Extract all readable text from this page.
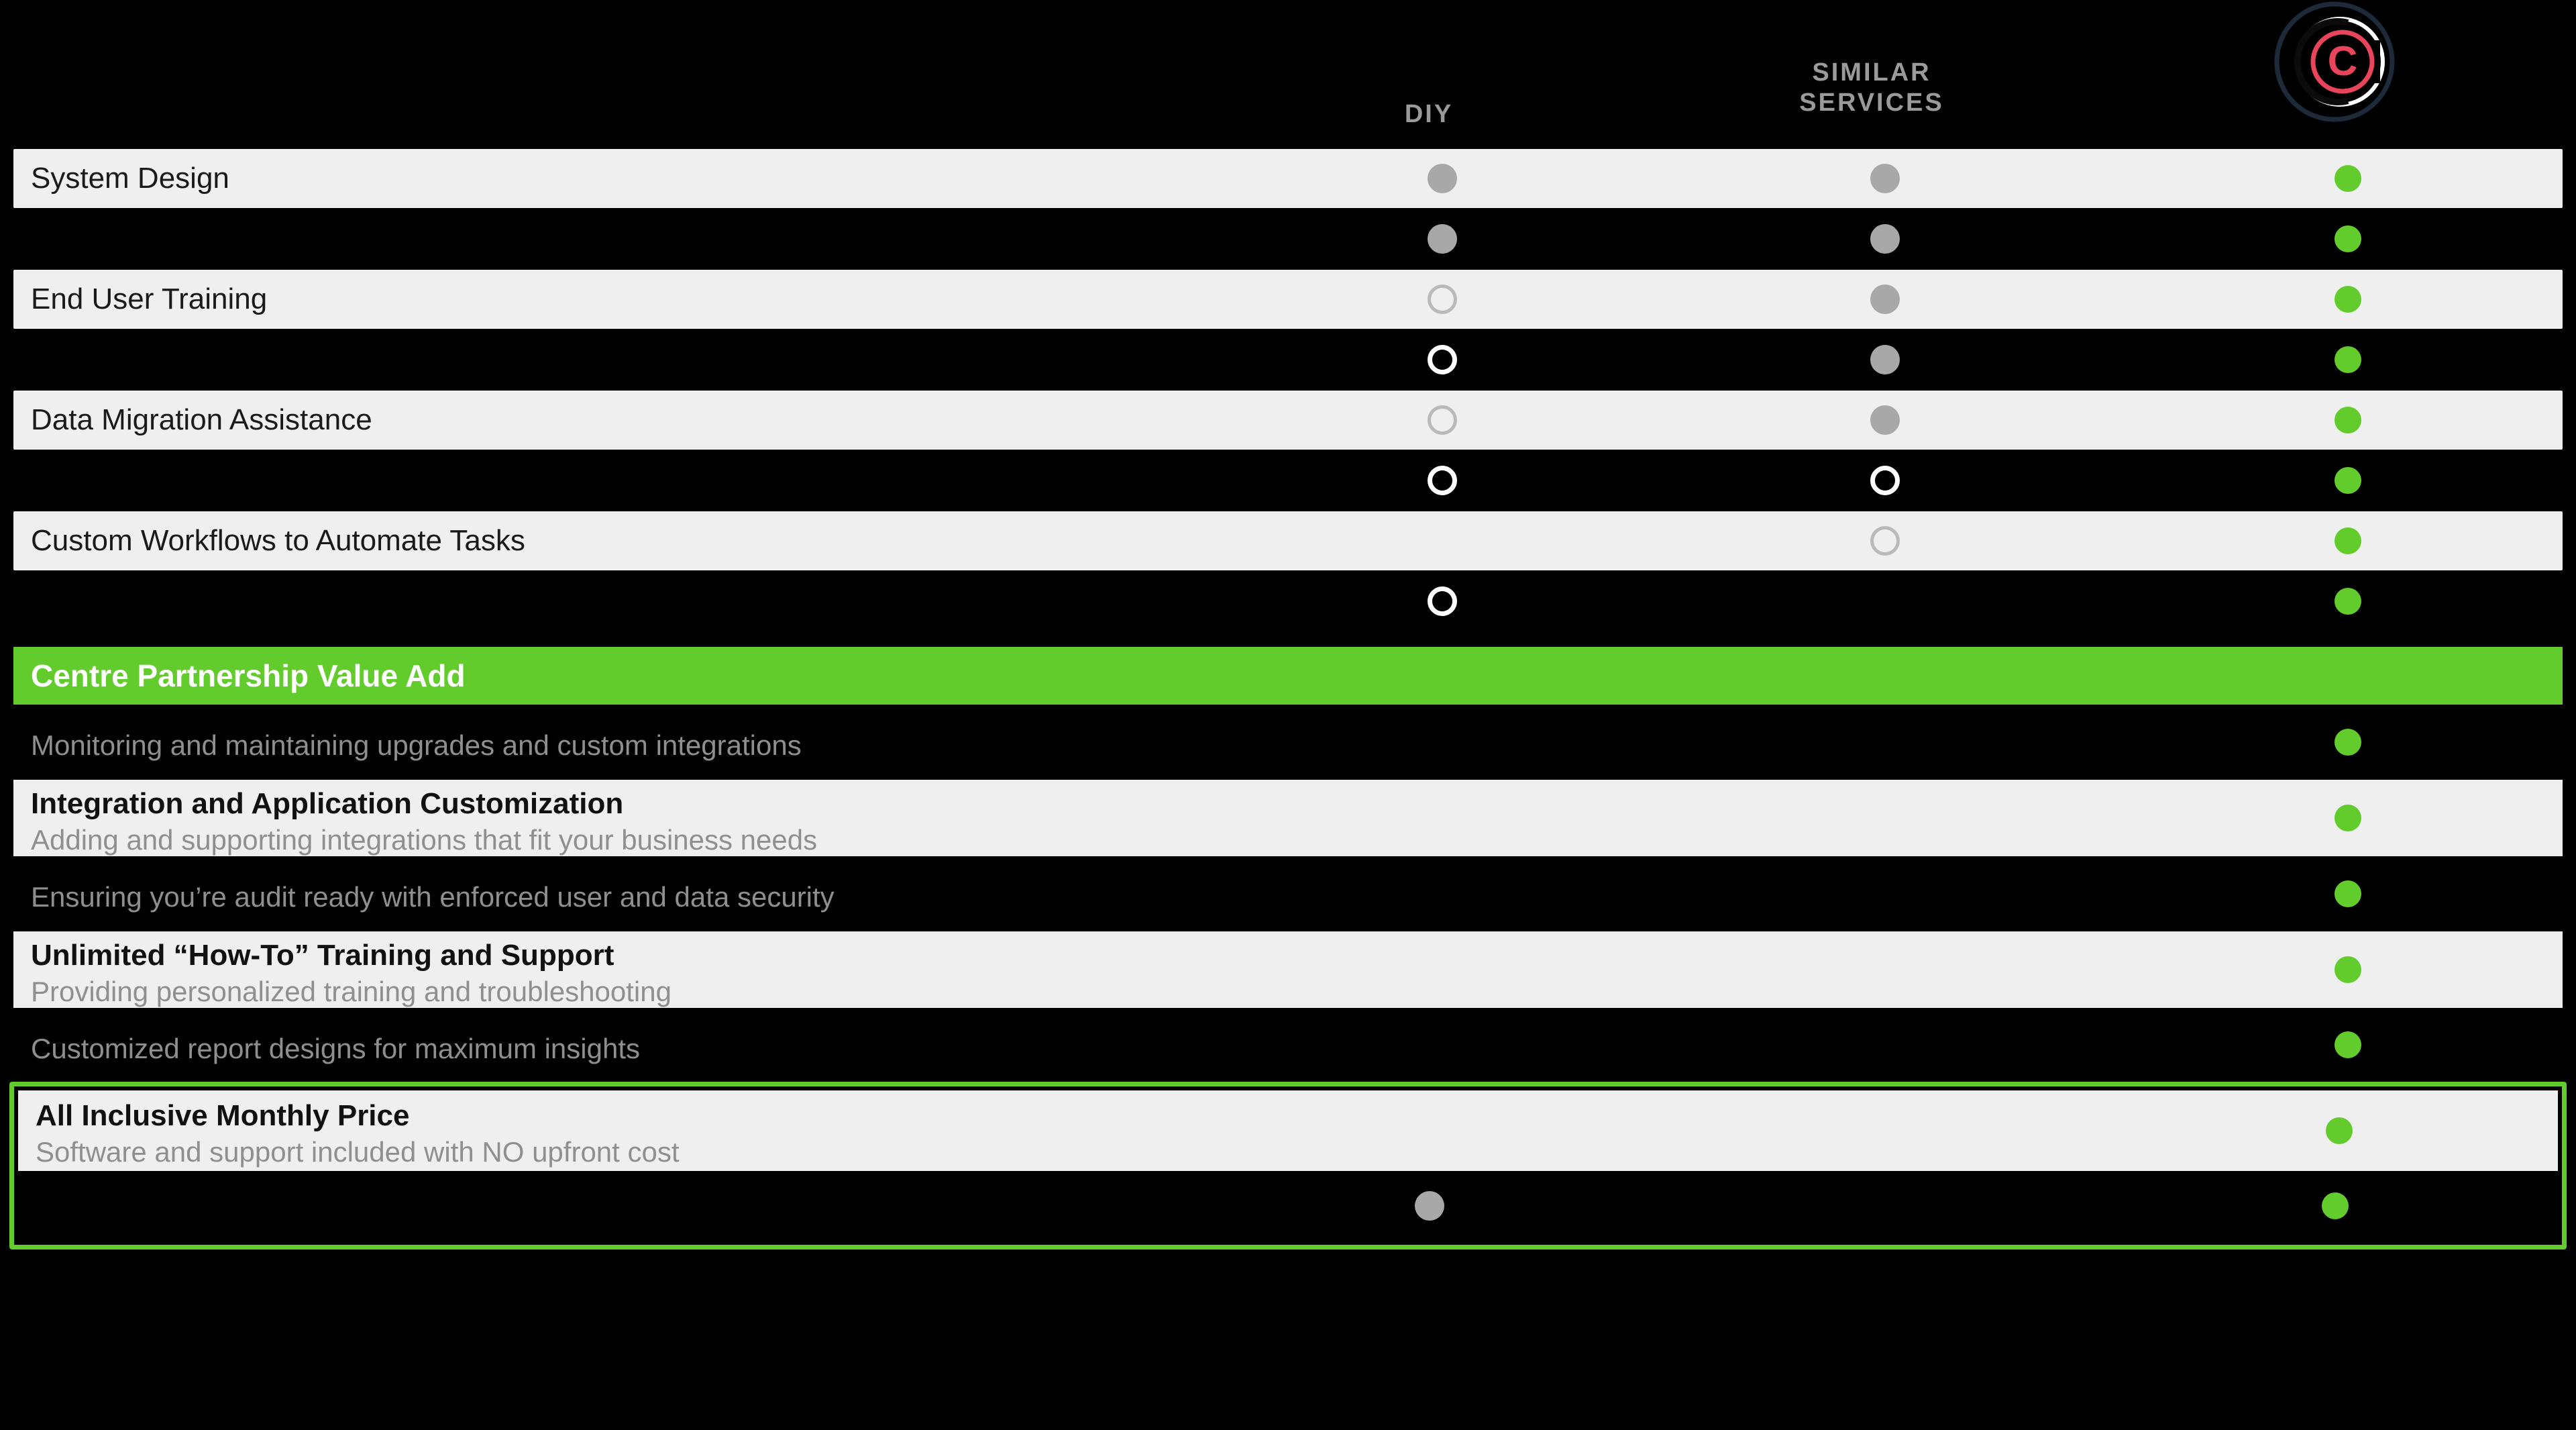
DIY
SIMILAR
SERVICES
C
System Design
End User Training
Data Migration Assistance
Custom Workflows to Automate Tasks
Centre Partnership Value Add
Monitoring and maintaining upgrades and custom integrations
Integration and Application Customization
Adding and supporting integrations that fit your business needs
Ensuring you’re audit ready with enforced user and data security
Unlimited “How-To” Training and Support
Providing personalized training and troubleshooting
Customized report designs for maximum insights
All Inclusive Monthly Price
Software and support included with NO upfront cost
